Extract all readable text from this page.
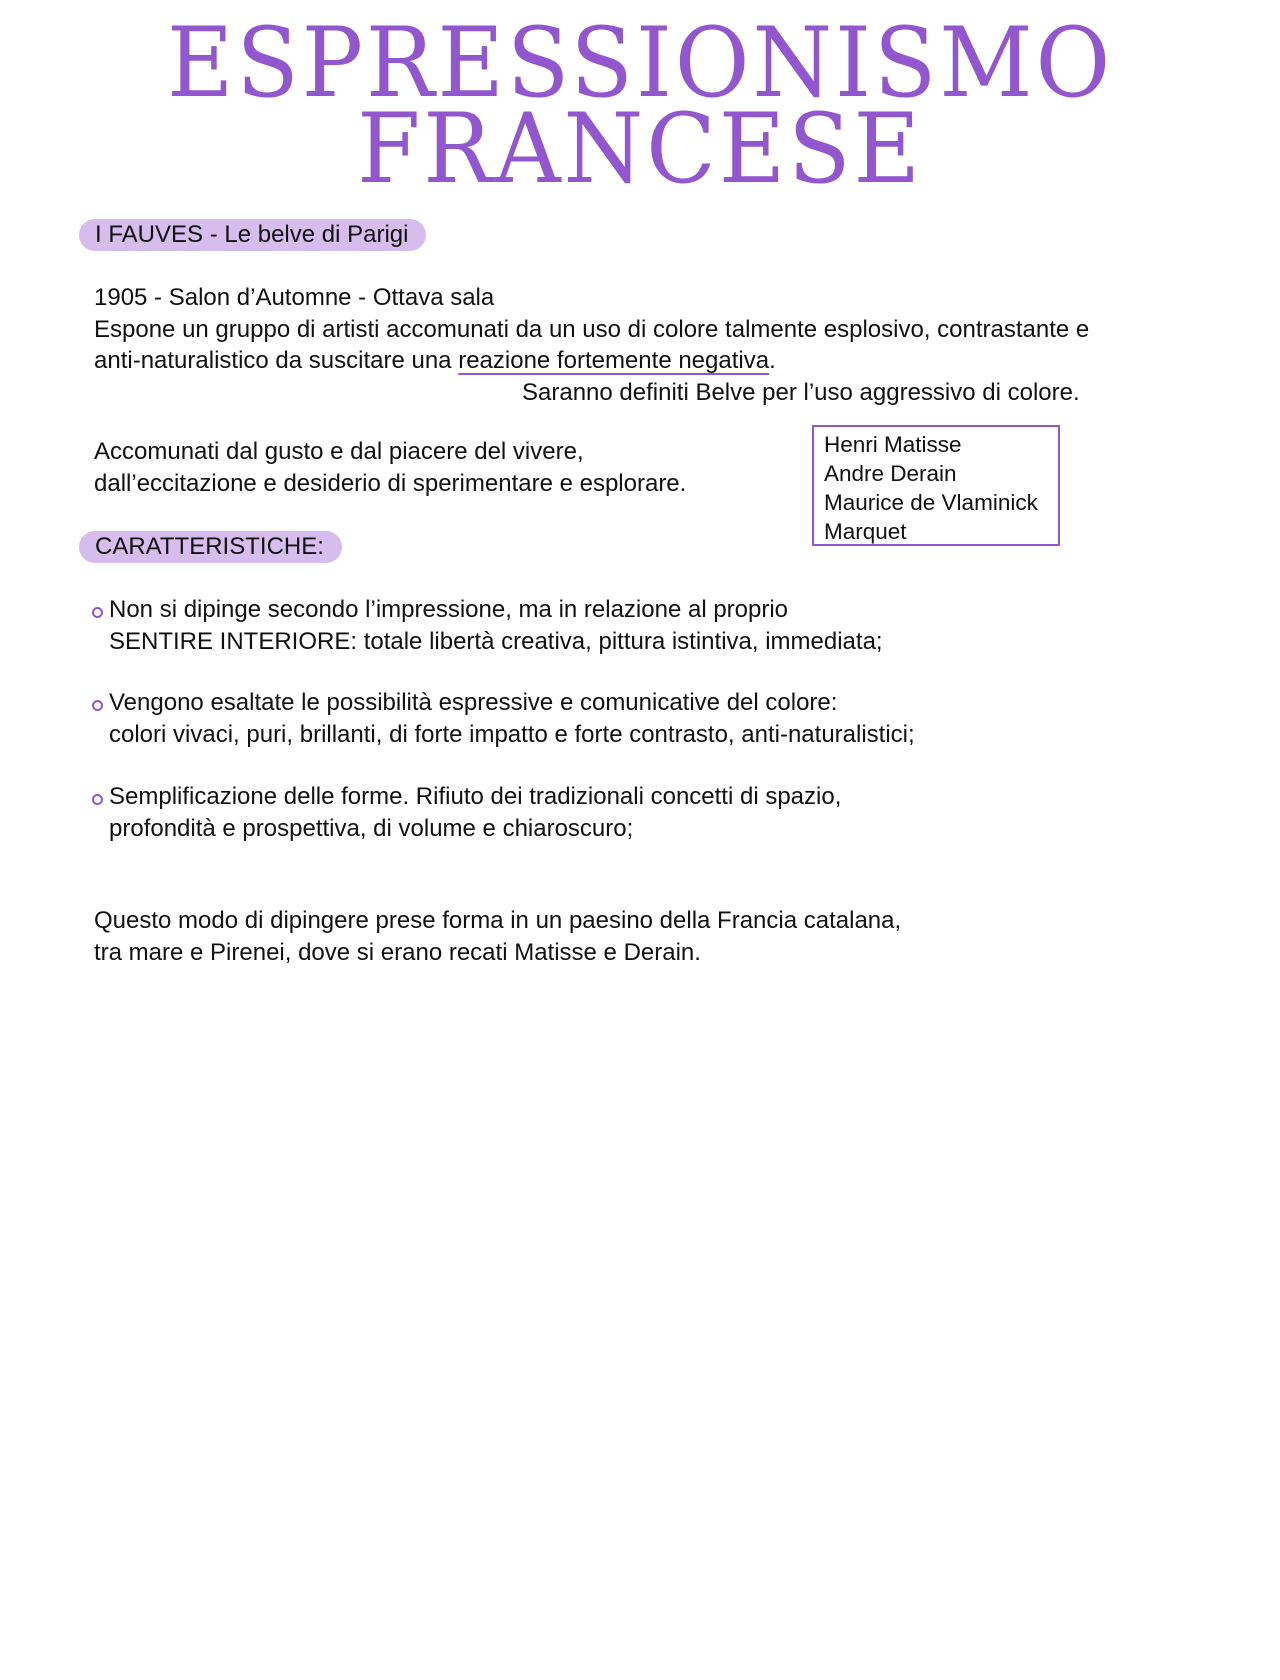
ESPRESSIONISMO
FRANCESE
I FAUVES - Le belve di Parigi
1905 - Salon d’Automne - Ottava sala
Espone un gruppo di artisti accomunati da un uso di colore talmente esplosivo, contrastante e
anti-naturalistico da suscitare una reazione fortemente negativa.
Saranno definiti Belve per l’uso aggressivo di colore.
Accomunati dal gusto e dal piacere del vivere,
dall’eccitazione e desiderio di sperimentare e esplorare.
Henri Matisse
Andre Derain
Maurice de Vlaminick
Marquet
CARATTERISTICHE:
Non si dipinge secondo l’impressione, ma in relazione al proprio
SENTIRE INTERIORE: totale libertà creativa, pittura istintiva, immediata;
Vengono esaltate le possibilità espressive e comunicative del colore:
colori vivaci, puri, brillanti, di forte impatto e forte contrasto, anti-naturalistici;
Semplificazione delle forme. Rifiuto dei tradizionali concetti di spazio,
profondità e prospettiva, di volume e chiaroscuro;
Questo modo di dipingere prese forma in un paesino della Francia catalana,
tra mare e Pirenei, dove si erano recati Matisse e Derain.
